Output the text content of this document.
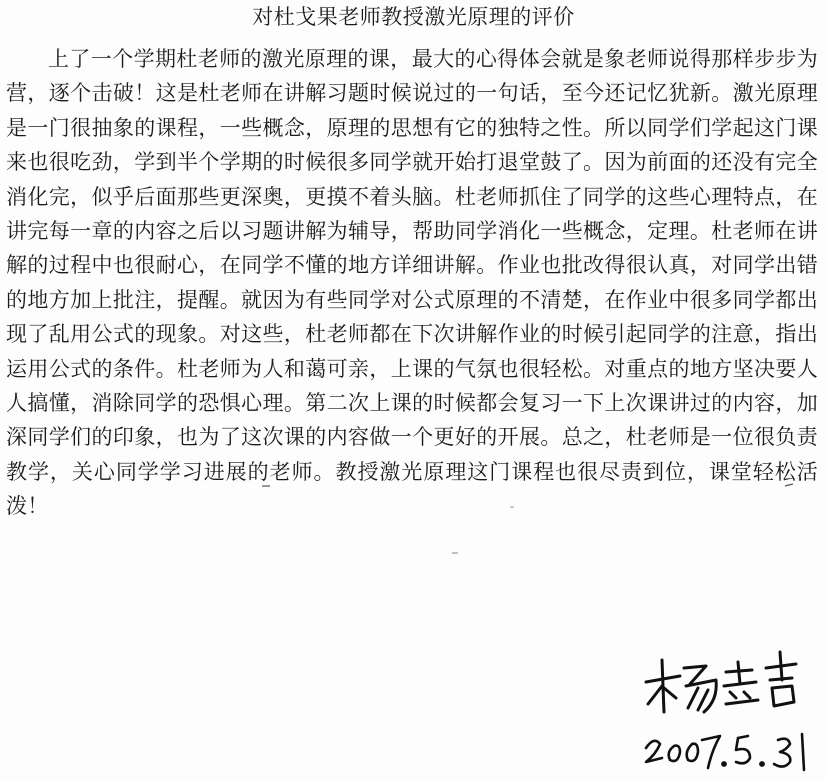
对杜戈果老师教授激光原理的评价
上了一个学期杜老师的激光原理的课，最大的心得体会就是象老师说得那样步步为营，逐个击破！这是杜老师在讲解习题时候说过的一句话，至今还记忆犹新。激光原理是一门很抽象的课程，一些概念，原理的思想有它的独特之性。所以同学们学起这门课来也很吃劲，学到半个学期的时候很多同学就开始打退堂鼓了。因为前面的还没有完全消化完，似乎后面那些更深奥，更摸不着头脑。杜老师抓住了同学的这些心理特点，在讲完每一章的内容之后以习题讲解为辅导，帮助同学消化一些概念，定理。杜老师在讲解的过程中也很耐心，在同学不懂的地方详细讲解。作业也批改得很认真，对同学出错的地方加上批注，提醒。就因为有些同学对公式原理的不清楚，在作业中很多同学都出现了乱用公式的现象。对这些，杜老师都在下次讲解作业的时候引起同学的注意，指出运用公式的条件。杜老师为人和蔼可亲，上课的气氛也很轻松。对重点的地方坚决要人人搞懂，消除同学的恐惧心理。第二次上课的时候都会复习一下上次课讲过的内容，加深同学们的印象，也为了这次课的内容做一个更好的开展。总之，杜老师是一位很负责教学，关心同学学习进展的老师。教授激光原理这门课程也很尽责到位，课堂轻松活泼！
